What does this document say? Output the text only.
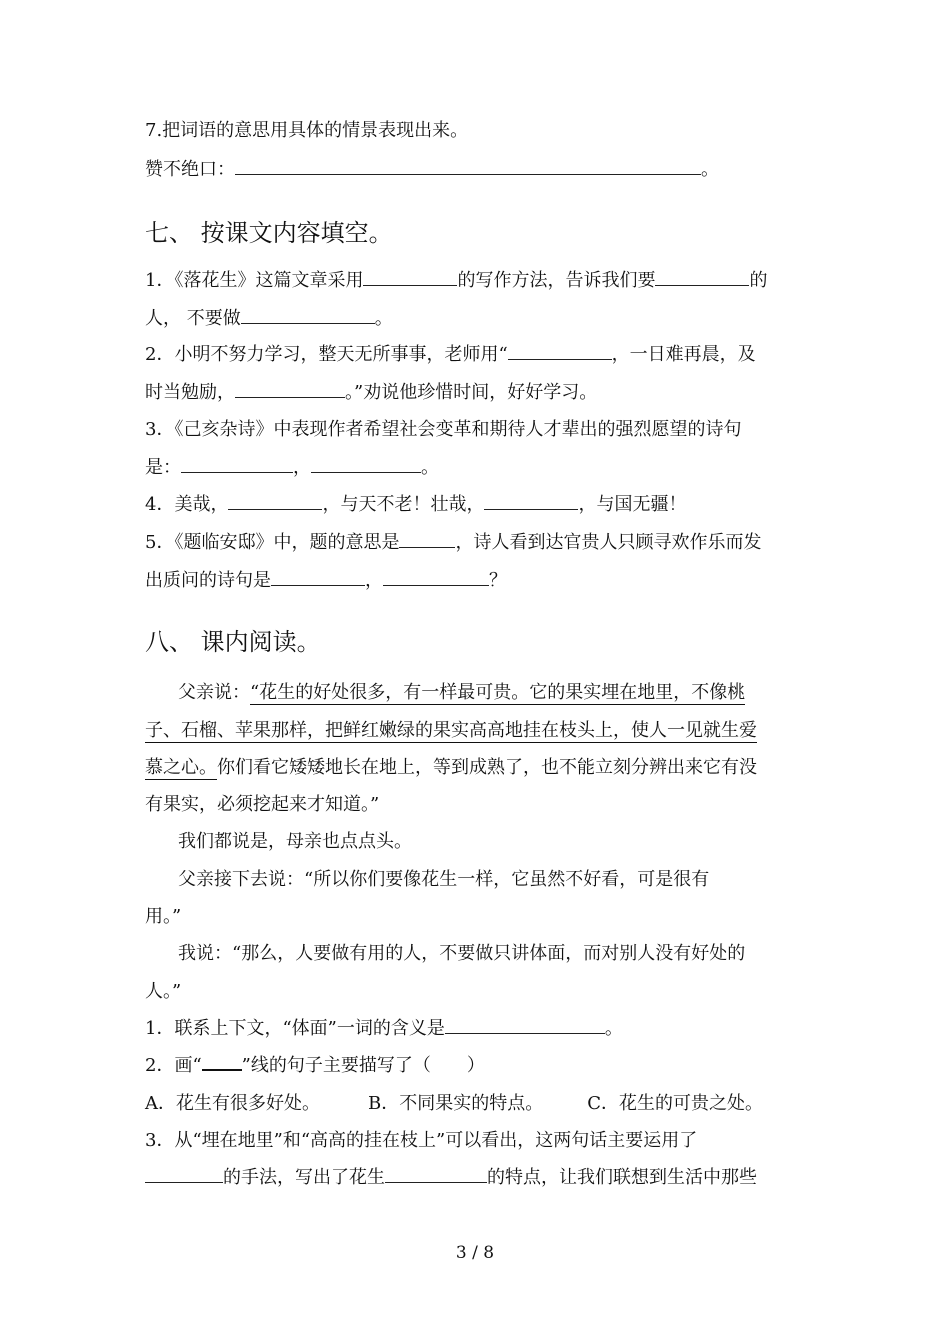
7.把词语的意思用具体的情景表现出来。
赞不绝口：	。
七、 按课文内容填空。
1．《落花生》这篇文章采用	的写作方法，告诉我们要	的
人， 不要做	。
2．小明不努力学习，整天无所事事，老师用“	，一日难再晨，及
时当勉励，	。”劝说他珍惜时间，好好学习。
3．《己亥杂诗》中表现作者希望社会变革和期待人才辈出的强烈愿望的诗句
是：	，	。
4．美哉，	，与天不老！壮哉，	，与国无疆！
5．《题临安邸》中，题的意思是	，诗人看到达官贵人只顾寻欢作乐而发
出质问的诗句是	，	？
八、 课内阅读。
父亲说：“花生的好处很多，有一样最可贵。它的果实埋在地里，不像桃
子、石榴、苹果那样，把鲜红嫩绿的果实高高地挂在枝头上，使人一见就生爱
慕之心。你们看它矮矮地长在地上，等到成熟了，也不能立刻分辨出来它有没
有果实，必须挖起来才知道。”
我们都说是，母亲也点点头。
父亲接下去说：“所以你们要像花生一样，它虽然不好看，可是很有
用。”
我说：“那么，人要做有用的人，不要做只讲体面，而对别人没有好处的
人。”
1．联系上下文，“体面”一词的含义是	。
2．画“ ”线的句子主要描写了（　　）
A．花生有很多好处。	B．不同果实的特点。 C．花生的可贵之处。
3．从“埋在地里”和“高高的挂在枝上”可以看出，这两句话主要运用了
的手法，写出了花生	的特点，让我们联想到生活中那些
3 / 8
